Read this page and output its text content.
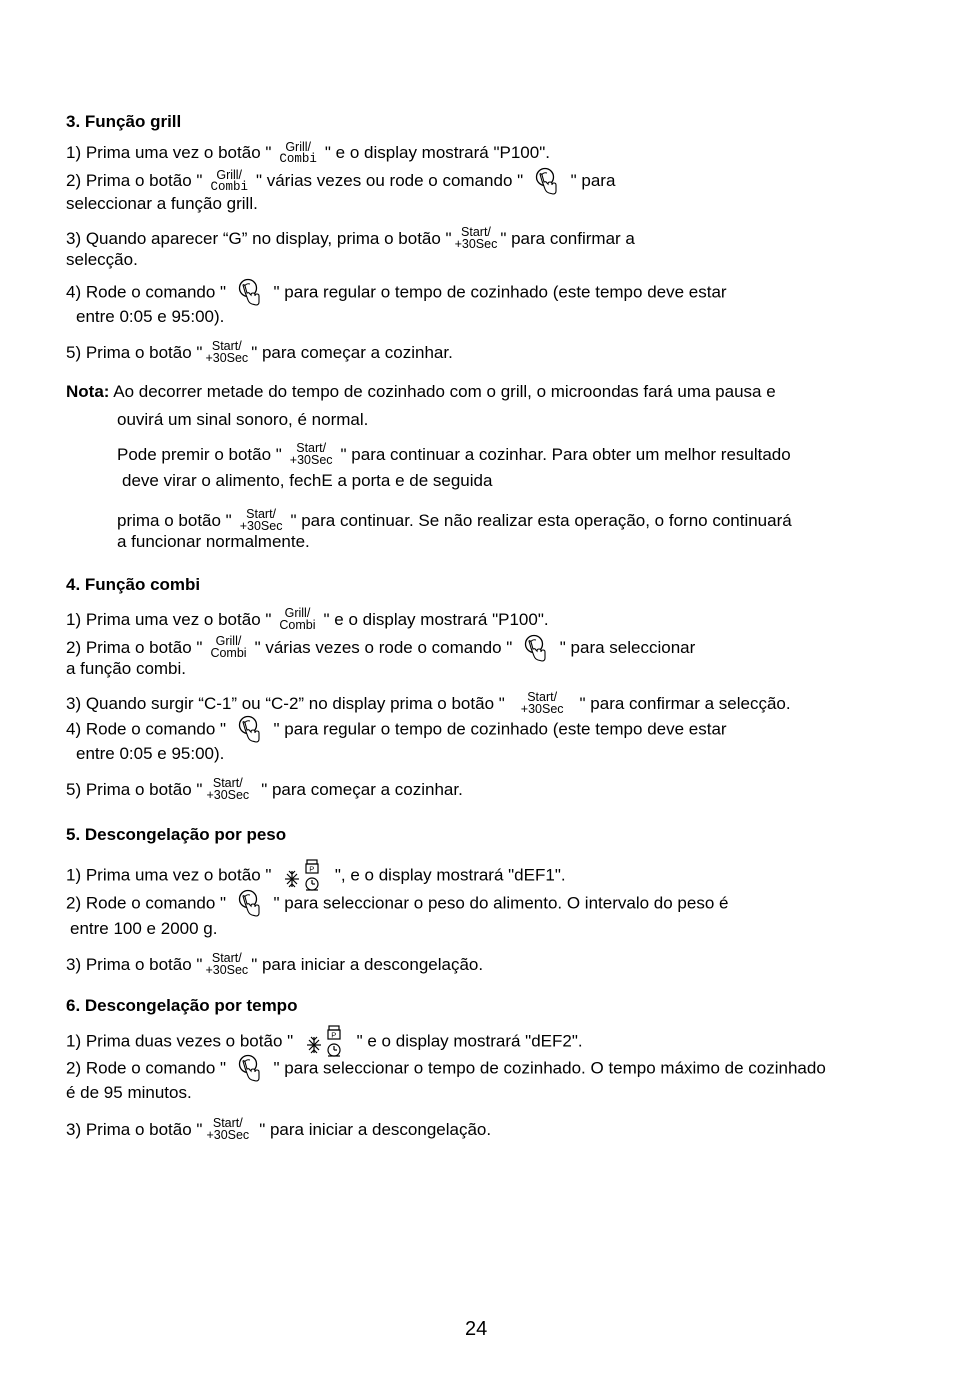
3. Função grill
1) Prima uma vez o botão "	Grill/
Combi " e o display mostrará "P100".
2) Prima o botão "	Grill/
Combi " várias vezes ou rode o comando "	" para
seleccionar a função grill.
3) Quando aparecer “G” no display, prima o botão " Start/
+30Sec " para confirmar a
selecção.
4) Rode o comando "	" para regular o tempo de cozinhado (este tempo deve estar
entre 0:05 e 95:00).
5) Prima o botão " Start/
+30Sec " para começar a cozinhar.
Nota: Ao decorrer metade do tempo de cozinhado com o grill, o microondas fará uma pausa e
ouvirá um sinal sonoro, é normal.
Pode premir o botão "	Start/
+30Sec " para continuar a cozinhar. Para obter um melhor resultado
deve virar o alimento, fechE a porta e de seguida
prima o botão "	Start/
+30Sec " para continuar. Se não realizar esta operação, o forno continuará
a funcionar normalmente.
4. Função combi
1) Prima uma vez o botão "	Grill/
Combi " e o display mostrará "P100".
2) Prima o botão "	Grill/
Combi " várias vezes o rode o comando "	" para seleccionar
a função combi.
3) Quando surgir “C-1” ou “C-2” no display prima o botão "	Start/
+30Sec " para confirmar a selecção.
4) Rode o comando "	" para regular o tempo de cozinhado (este tempo deve estar
entre 0:05 e 95:00).
5) Prima o botão " Start/
+30Sec " para começar a cozinhar.
5. Descongelação por peso
1) Prima uma vez o botão "	P ", e o display mostrará "dEF1".
2) Rode o comando "	" para seleccionar o peso do alimento. O intervalo do peso é
entre 100 e 2000 g.
3) Prima o botão " Start/
+30Sec " para iniciar a descongelação.
6. Descongelação por tempo
1) Prima duas vezes o botão "	P " e o display mostrará "dEF2".
2) Rode o comando "	" para seleccionar o tempo de cozinhado. O tempo máximo de cozinhado
é de 95 minutos.
3) Prima o botão " Start/
+30Sec " para iniciar a descongelação.
24
